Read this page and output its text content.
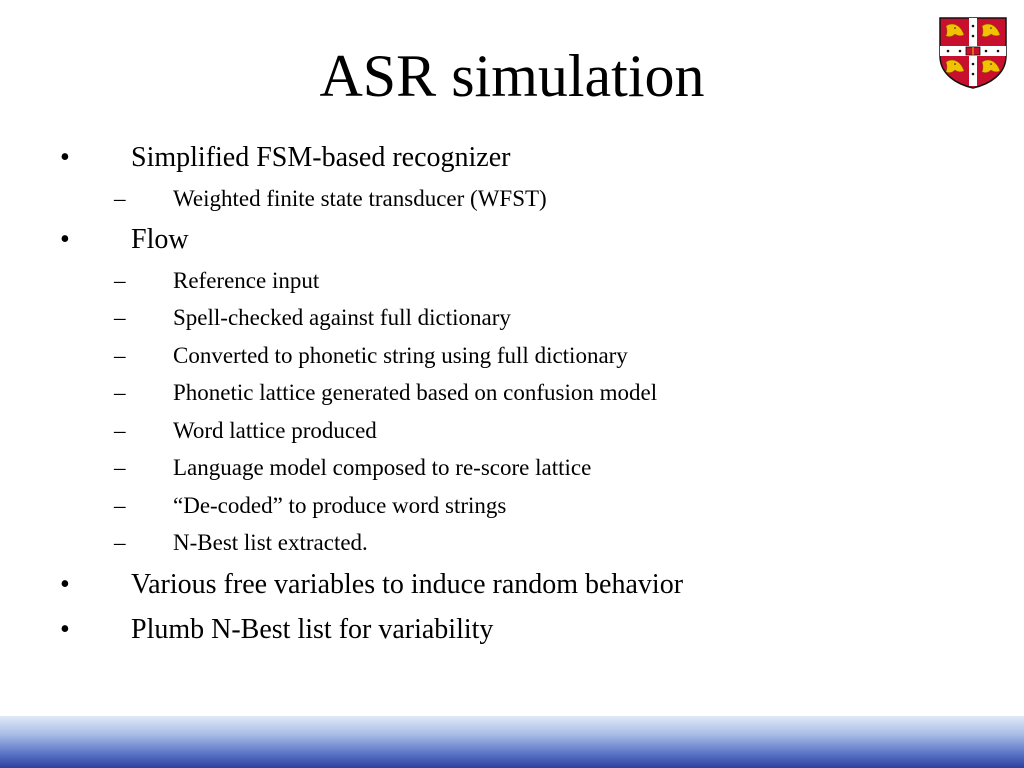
ASR simulation
• Simplified FSM-based recognizer
– Weighted finite state transducer (WFST)
• Flow
– Reference input
– Spell-checked against full dictionary
– Converted to phonetic string using full dictionary
– Phonetic lattice generated based on confusion model
– Word lattice produced
– Language model composed to re-score lattice
– “De-coded” to produce word strings
– N-Best list extracted.
• Various free variables to induce random behavior
• Plumb N-Best list for variability
